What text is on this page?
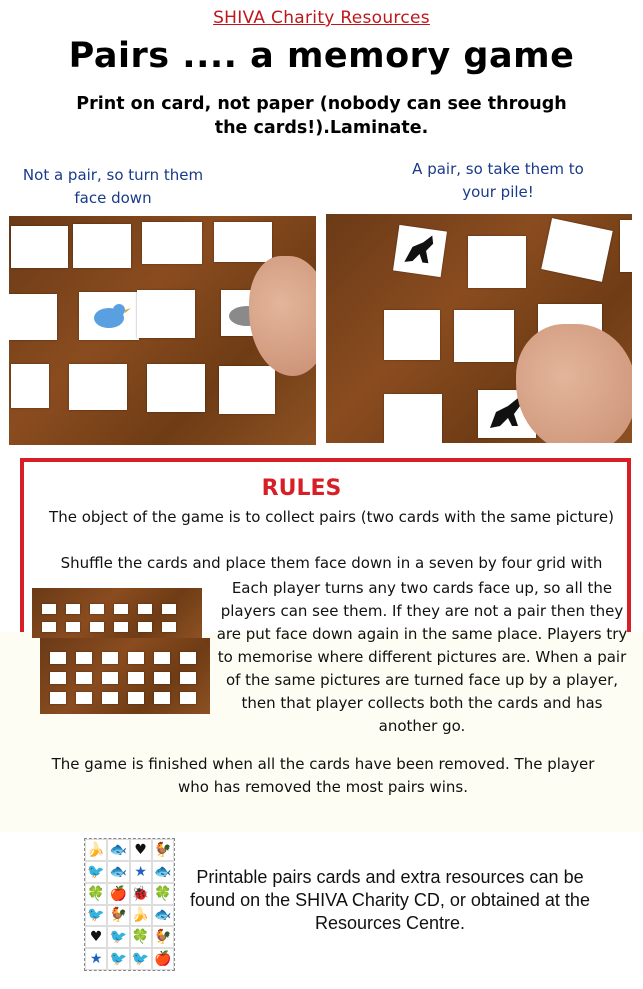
SHIVA Charity Resources
Pairs .... a memory game
Print on card, not paper (nobody can see through the cards!).Laminate.
Not a pair, so turn them face down
A pair, so take them to your pile!
RULES
The object of the game is to collect pairs (two cards with the same picture)
Shuffle the cards and place them face down in a seven by four grid with
Each player turns any two cards face up, so all the players can see them. If they are not a pair then they are put face down again in the same place. Players try to memorise where different pictures are. When a pair of the same pictures are turned face up by a player, then that player collects both the cards and has another go.
The game is finished when all the cards have been removed. The player who has removed the most pairs wins.
🍌 🐟 ♥ 🐓
🐦 🐟 ★ 🐟
🍀 🍎 🐞 🍀
🐦 🐓 🍌 🐟
♥ 🐦 🍀 🐓
★ 🐦 🐦 🍎
Printable pairs cards and extra resources can be found on the SHIVA Charity CD, or obtained at the Resources Centre.
